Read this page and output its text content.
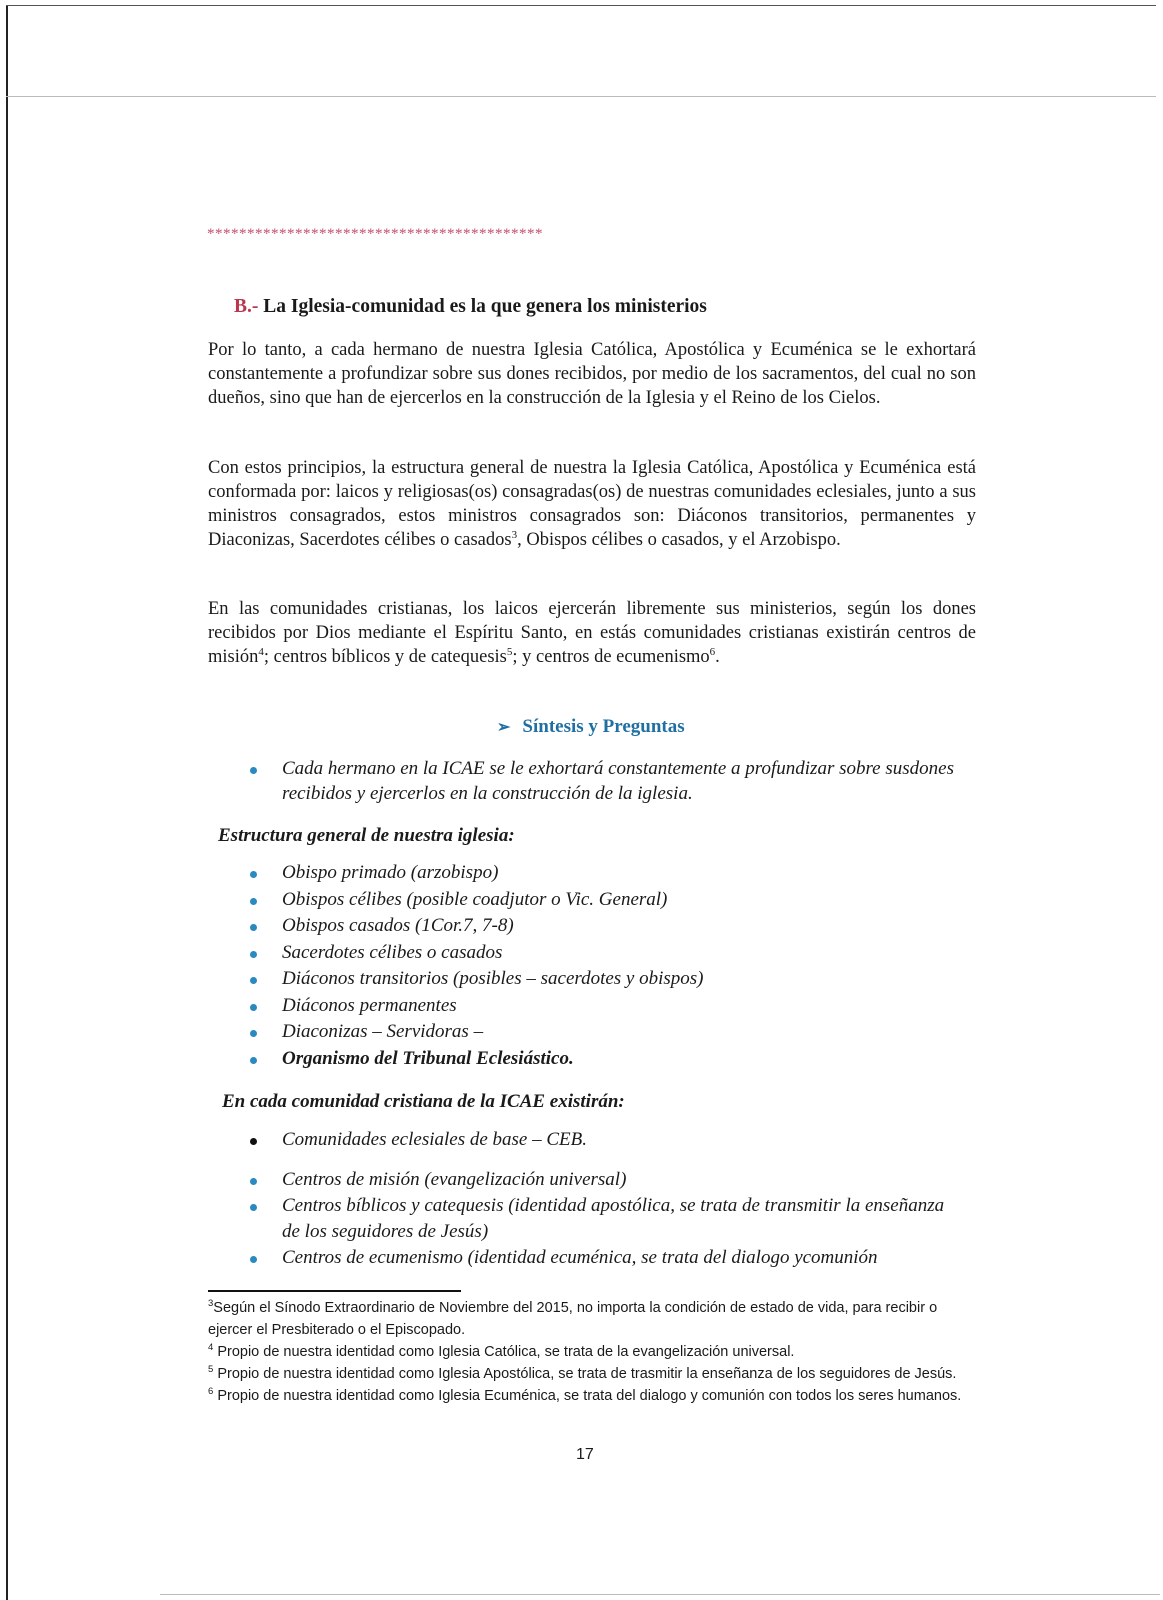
******************************************
B.- La Iglesia-comunidad es la que genera los ministerios
Por lo tanto, a cada hermano de nuestra Iglesia Católica, Apostólica y Ecuménica se le exhortará constantemente a profundizar sobre sus dones recibidos, por medio de los sacramentos, del cual no son dueños, sino que han de ejercerlos en la construcción de la Iglesia y el Reino de los Cielos.
Con estos principios, la estructura general de nuestra la Iglesia Católica, Apostólica y Ecuménica está conformada por: laicos y religiosas(os) consagradas(os) de nuestras comunidades eclesiales, junto a sus ministros consagrados, estos ministros consagrados son: Diáconos transitorios, permanentes y Diaconizas, Sacerdotes célibes o casados$^3$, Obispos célibes o casados, y el Arzobispo.
En las comunidades cristianas, los laicos ejercerán libremente sus ministerios, según los dones recibidos por Dios mediante el Espíritu Santo, en estás comunidades cristianas existirán centros de misión$^4$; centros bíblicos y de catequesis$^5$; y centros de ecumenismo$^6$.
➢ Síntesis y Preguntas
Cada hermano en la ICAE se le exhortará constantemente a profundizar sobre susdones recibidos y ejercerlos en la construcción de la iglesia.
Estructura general de nuestra iglesia:
Obispo primado (arzobispo)
Obispos célibes (posible coadjutor o Vic. General)
Obispos casados (1Cor.7, 7-8)
Sacerdotes célibes o casados
Diáconos transitorios (posibles – sacerdotes y obispos)
Diáconos permanentes
Diaconizas – Servidoras –
Organismo del Tribunal Eclesiástico.
En cada comunidad cristiana de la ICAE existirán:
Comunidades eclesiales de base – CEB.
Centros de misión (evangelización universal)
Centros bíblicos y catequesis (identidad apostólica, se trata de transmitir la enseñanza de los seguidores de Jesús)
Centros de ecumenismo (identidad ecuménica, se trata del dialogo ycomunión

$^3$Según el Sínodo Extraordinario de Noviembre del 2015, no importa la condición de estado de vida, para recibir o ejercer el Presbiterado o el Episcopado.

$^4$ Propio de nuestra identidad como Iglesia Católica, se trata de la evangelización universal.

$^5$ Propio de nuestra identidad como Iglesia Apostólica, se trata de trasmitir la enseñanza de los seguidores de Jesús.

$^6$ Propio de nuestra identidad como Iglesia Ecuménica, se trata del dialogo y comunión con todos los seres humanos.

17
